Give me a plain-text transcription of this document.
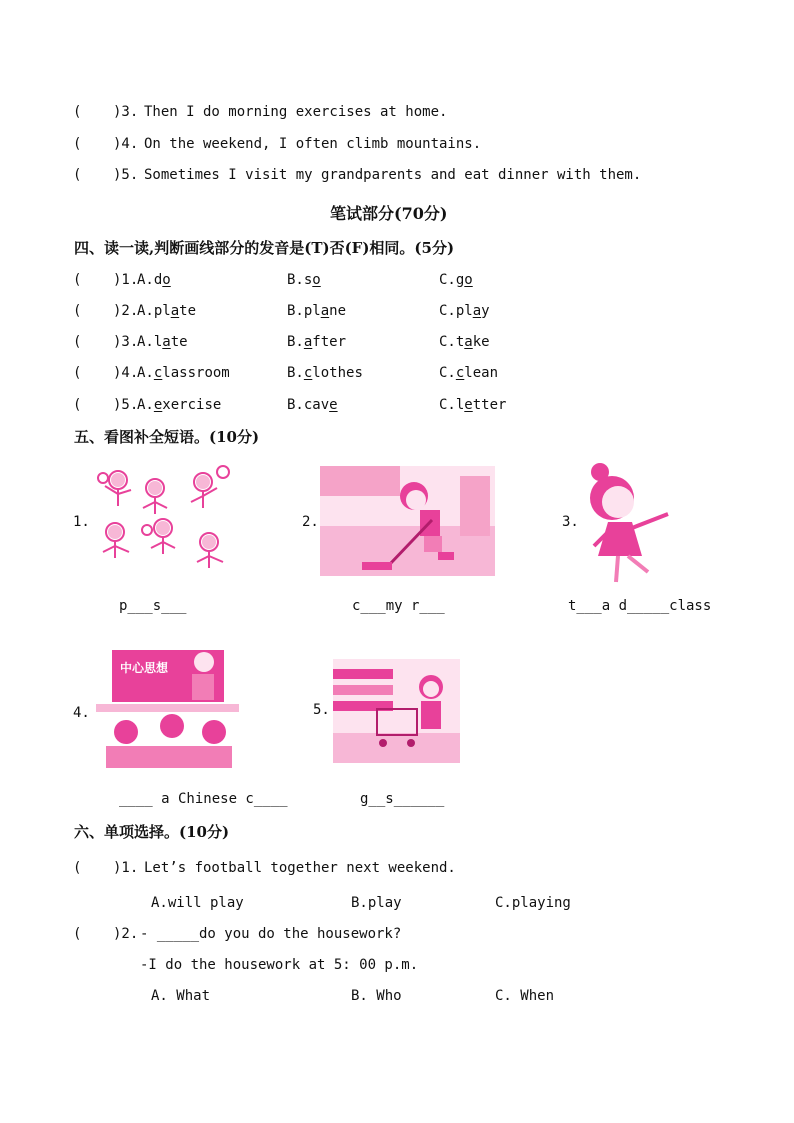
( )3. Then I do morning exercises at home.
( )4. On the weekend, I often climb mountains.
( )5. Sometimes I visit my grandparents and eat dinner with them.
笔试部分(70分)
四、读一读,判断画线部分的发音是(T)否(F)相同。(5分)
( )1.
A.do	B.so	C.go
( )2.
A.plate	B.plane	C.play
( )3.
A.late	B.after	C.take
( )4.
A.classroom	B.clothes	C.clean
( )5.
A.exercise	B.cave	C.letter
五、看图补全短语。(10分)
1.
p___s___
2.
c___my r___
3.
t___a d_____class
4.
中心思想
____ a Chinese c____
5.
g__s______
六、单项选择。(10分)
( )1. Let’s football together next weekend.
A.will play	B.play	C.playing
( )2. - _____do you do the housework?
-I do the housework at 5: 00 p.m.
A. What	B. Who	C. When
